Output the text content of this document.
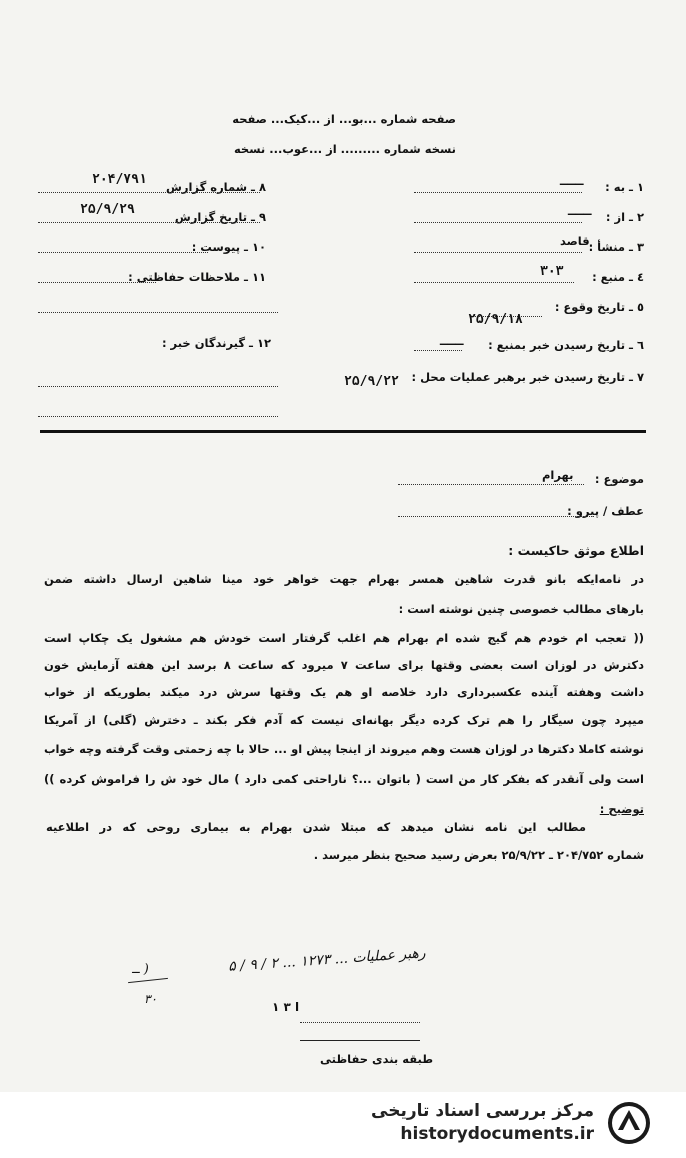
​
صفحه شماره ...بو... از ...کیک... صفحه
نسخه شماره ......... از ...عوب... نسخه
۸ ـ شماره گزارش
۲۰۴/۷۹۱
۹ ـ تاریخ گزارش
۲۵/۹/۲۹
۱۰ ـ پیوست :
۱۱ ـ ملاحظات حفاظتی :
۱۲ ـ گیرندگان خبر :
۱ ـ به :
ـــ
۲ ـ از :
ـــ
۳ ـ منشأ :
قاصد
٤ ـ منبع :
۳۰۳
٥ ـ تاریخ وقوع :
۲۵/۹/۱۸
٦ ـ تاریخ رسیدن خبر بمنبع :
ـــ
۷ ـ تاریخ رسیدن خبر برهبر عملیات محل :
۲۵/۹/۲۲
موضوع :
بهرام
عطف / پیرو :
اطلاع موثق حاکیست :
در نامه‌ایکه بانو قدرت شاهین همسر بهرام جهت خواهر خود مینا شاهین ارسال داشته ضمن
بارهای مطالب خصوصی چنین نوشته است :
(( تعجب ام خودم هم گیج شده ام بهرام هم اغلب گرفتار است خودش هم مشغول یک چکاپ است
دکترش در لوزان است بعضی وقتها برای ساعت ۷ میرود که ساعت ۸ برسد این هفته آزمایش خون
داشت وهفته آینده عکسبرداری دارد خلاصه او هم یک وقتها سرش درد میکند بطوریکه از خواب
میپرد چون سیگار را هم ترک کرده دیگر بهانه‌ای نیست که آدم فکر بکند ـ دخترش (گلی) از آمریکا
نوشته کاملا دکترها در لوزان هست وهم میروند از اینجا پیش او ... حالا با چه زحمتی وقت گرفته وچه خواب
است ولی آنقدر که بفکر کار من است ( باتوان ...؟ ناراحتی کمی دارد ) مال خود ش را فراموش کرده ))
توضیح :
مطالب این نامه نشان میدهد که مبتلا شدن بهرام به بیماری روحی که در اطلاعیه
شماره ۲۰۴/۷۵۲ ـ ۲۵/۹/۲۲ بعرض رسید صحیح بنظر میرسد .
رهبر عملیات ... ۱۲۷۳ ... ۲ / ۹ / ۵
ــ )
۳۰
ا ۳ ۱
طبقه بندی حفاظتی
مرکز بررسی اسناد تاریخی
historydocuments.ir
